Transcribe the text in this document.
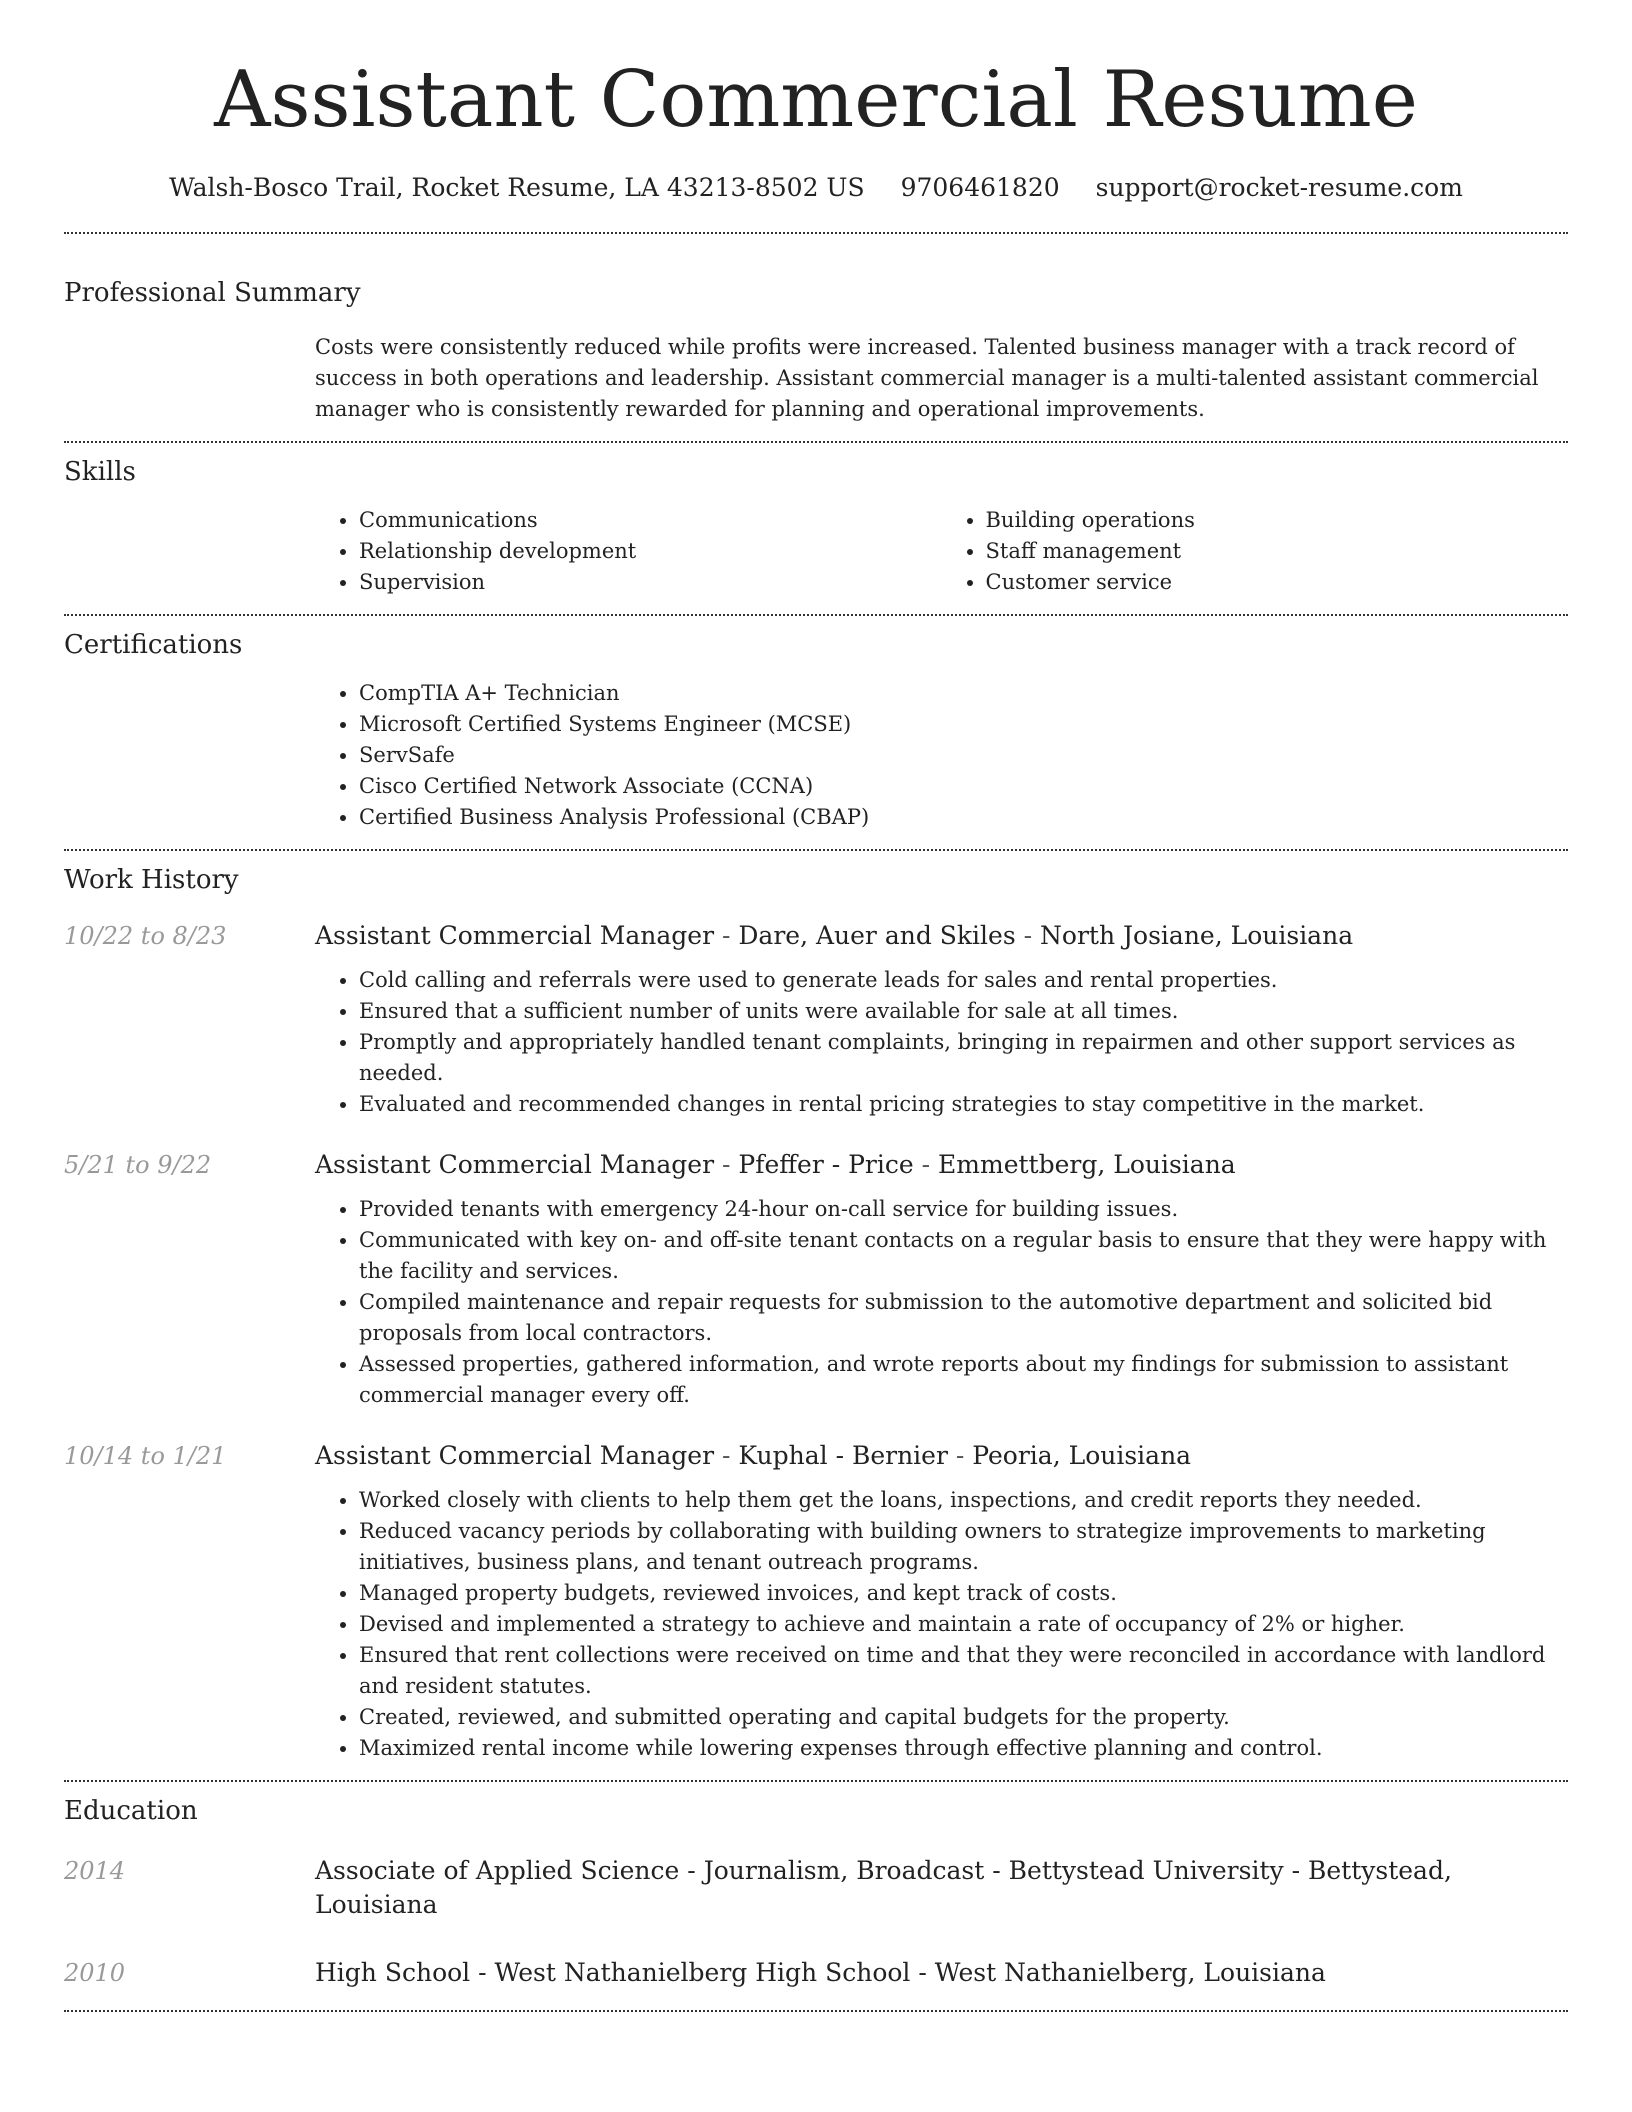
Assistant Commercial Resume
Walsh-Bosco Trail, Rocket Resume, LA 43213-8502 US 9706461820 support@rocket-resume.com
Professional Summary

Costs were consistently reduced while profits were increased. Talented business manager with a track record of success in both operations and leadership. Assistant commercial manager is a multi-talented assistant commercial manager who is consistently rewarded for planning and operational improvements.

Skills
• Communications
• Relationship development
• Supervision
• Building operations
• Staff management
• Customer service
Certifications
• CompTIA A+ Technician
• Microsoft Certified Systems Engineer (MCSE)
• ServSafe
• Cisco Certified Network Associate (CCNA)
• Certified Business Analysis Professional (CBAP)
Work History
10/22 to 8/23	Assistant Commercial Manager - Dare, Auer and Skiles - North Josiane, Louisiana
• Cold calling and referrals were used to generate leads for sales and rental properties.
• Ensured that a sufficient number of units were available for sale at all times.
• Promptly and appropriately handled tenant complaints, bringing in repairmen and other support services as needed.
• Evaluated and recommended changes in rental pricing strategies to stay competitive in the market.
5/21 to 9/22	Assistant Commercial Manager - Pfeffer - Price - Emmettberg, Louisiana
• Provided tenants with emergency 24-hour on-call service for building issues.
• Communicated with key on- and off-site tenant contacts on a regular basis to ensure that they were happy with the facility and services.
• Compiled maintenance and repair requests for submission to the automotive department and solicited bid proposals from local contractors.
• Assessed properties, gathered information, and wrote reports about my findings for submission to assistant commercial manager every off.
10/14 to 1/21	Assistant Commercial Manager - Kuphal - Bernier - Peoria, Louisiana
• Worked closely with clients to help them get the loans, inspections, and credit reports they needed.
• Reduced vacancy periods by collaborating with building owners to strategize improvements to marketing initiatives, business plans, and tenant outreach programs.
• Managed property budgets, reviewed invoices, and kept track of costs.
• Devised and implemented a strategy to achieve and maintain a rate of occupancy of 2% or higher.
• Ensured that rent collections were received on time and that they were reconciled in accordance with landlord and resident statutes.
• Created, reviewed, and submitted operating and capital budgets for the property.
• Maximized rental income while lowering expenses through effective planning and control.
Education
2014	Associate of Applied Science - Journalism, Broadcast - Bettystead University - Bettystead, Louisiana
2010	High School - West Nathanielberg High School - West Nathanielberg, Louisiana
